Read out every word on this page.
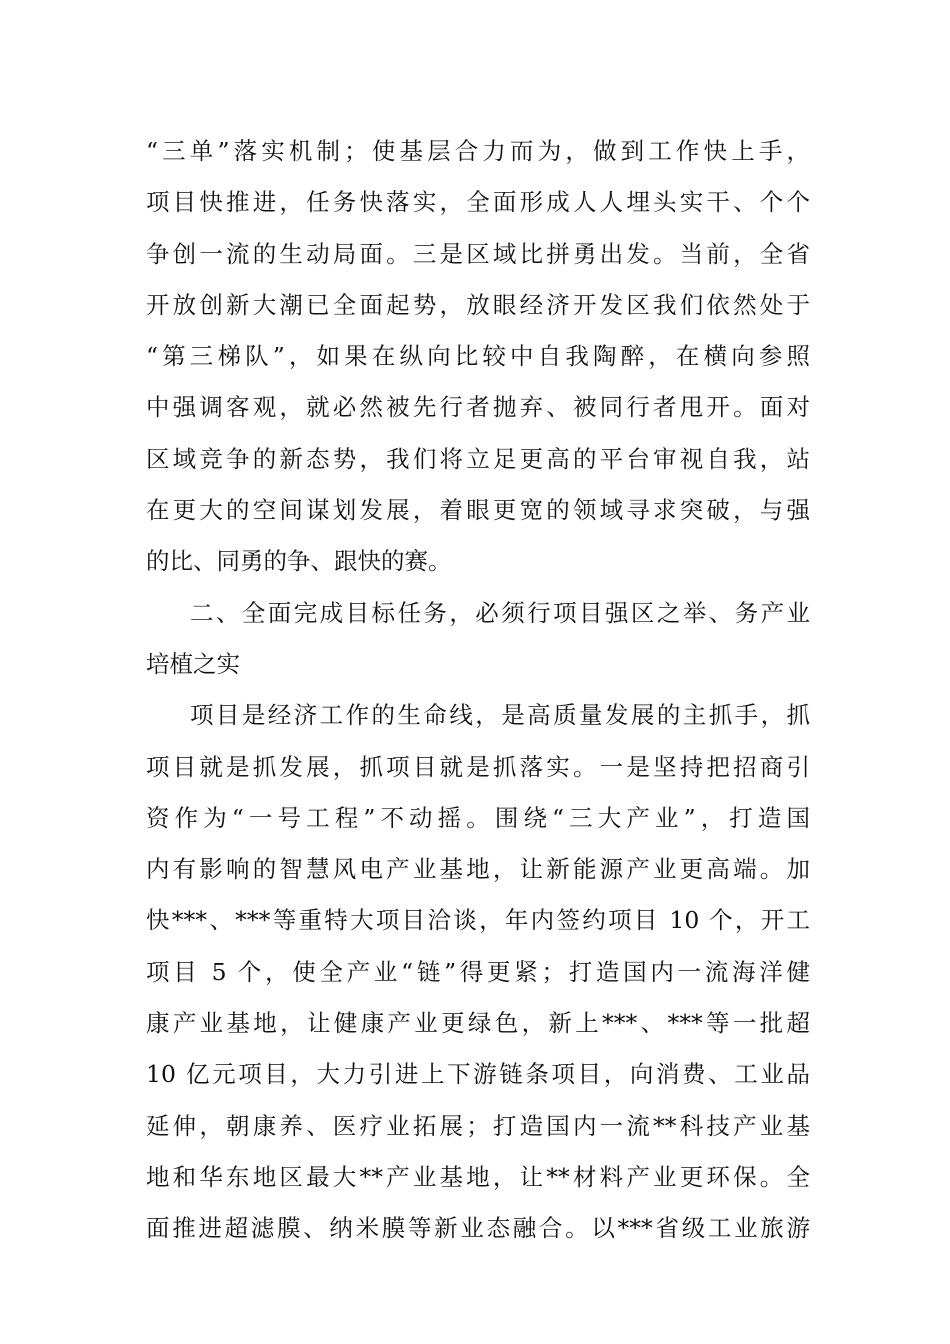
“三单”落实机制；使基层合力而为，做到工作快上手，
项目快推进，任务快落实，全面形成人人埋头实干、个个
争创一流的生动局面。三是区域比拼勇出发。当前，全省
开放创新大潮已全面起势，放眼经济开发区我们依然处于
“第三梯队”，如果在纵向比较中自我陶醉，在横向参照
中强调客观，就必然被先行者抛弃、被同行者甩开。面对
区域竞争的新态势，我们将立足更高的平台审视自我，站
在更大的空间谋划发展，着眼更宽的领域寻求突破，与强
的比、同勇的争、跟快的赛。
二、全面完成目标任务，必须行项目强区之举、务产业
培植之实
项目是经济工作的生命线，是高质量发展的主抓手，抓
项目就是抓发展，抓项目就是抓落实。一是坚持把招商引
资作为“一号工程”不动摇。围绕“三大产业”，打造国
内有影响的智慧风电产业基地，让新能源产业更高端。加
快***、***等重特大项目洽谈，年内签约项目 10 个，开工
项目 5 个，使全产业“链”得更紧；打造国内一流海洋健
康产业基地，让健康产业更绿色，新上***、***等一批超
10 亿元项目，大力引进上下游链条项目，向消费、工业品
延伸，朝康养、医疗业拓展；打造国内一流**科技产业基
地和华东地区最大**产业基地，让**材料产业更环保。全
面推进超滤膜、纳米膜等新业态融合。以***省级工业旅游
